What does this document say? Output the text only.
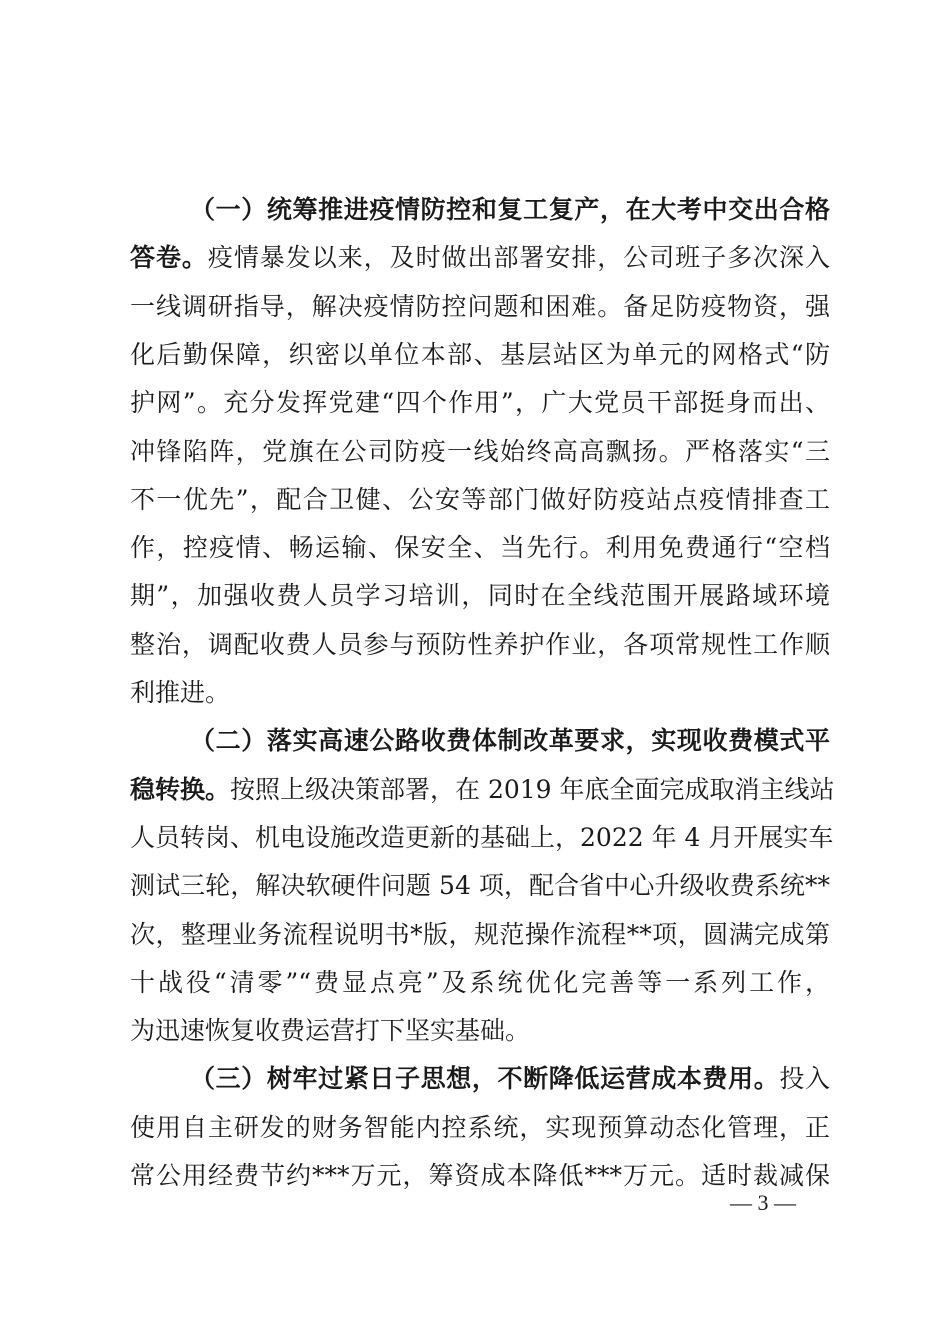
（一）统筹推进疫情防控和复工复产，在大考中交出合格
答卷。疫情暴发以来，及时做出部署安排，公司班子多次深入
一线调研指导，解决疫情防控问题和困难。备足防疫物资，强
化后勤保障，织密以单位本部、基层站区为单元的网格式“防
护网”。充分发挥党建“四个作用”，广大党员干部挺身而出、
冲锋陷阵，党旗在公司防疫一线始终高高飘扬。严格落实“三
不一优先”，配合卫健、公安等部门做好防疫站点疫情排查工
作，控疫情、畅运输、保安全、当先行。利用免费通行“空档
期”，加强收费人员学习培训，同时在全线范围开展路域环境
整治，调配收费人员参与预防性养护作业，各项常规性工作顺
利推进。
（二）落实高速公路收费体制改革要求，实现收费模式平
稳转换。按照上级决策部署，在 2019 年底全面完成取消主线站
人员转岗、机电设施改造更新的基础上，2022 年 4 月开展实车
测试三轮，解决软硬件问题 54 项，配合省中心升级收费系统**
次，整理业务流程说明书*版，规范操作流程**项，圆满完成第
十战役“清零”“费显点亮”及系统优化完善等一系列工作，
为迅速恢复收费运营打下坚实基础。
（三）树牢过紧日子思想，不断降低运营成本费用。投入
使用自主研发的财务智能内控系统，实现预算动态化管理，正
常公用经费节约***万元，筹资成本降低***万元。适时裁减保
— 3 —
